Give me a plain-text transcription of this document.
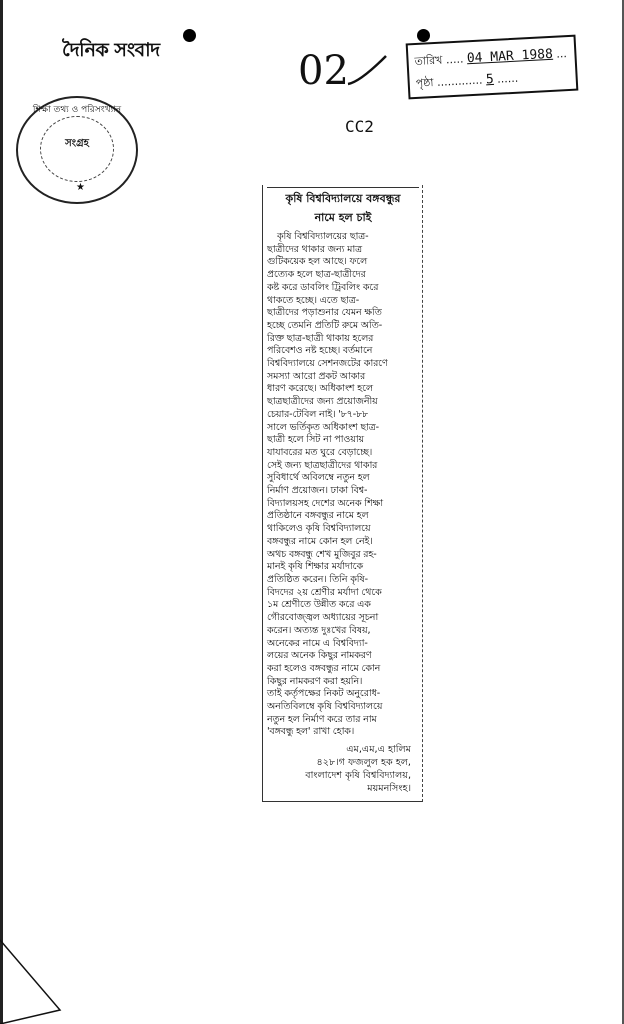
দৈনিক সংবাদ	02
CC2
তারিখ ..... 04 MAR 1988 ...
পৃষ্ঠা ............. 5 ......
শিক্ষা তথ্য ও পরিসংখ্যান
সংগ্রহ
★
কৃষি বিশ্ববিদ্যালয়ে বঙ্গবন্ধুর
নামে হল চাই
কৃষি বিশ্ববিদ্যালয়ের ছাত্র-
ছাত্রীদের থাকার জন্য মাত্র
গুটিকয়েক হল আছে। ফলে
প্রত্যেক হলে ছাত্র-ছাত্রীদের
কষ্ট করে ডাবলিং ট্রিবলিং করে
থাকতে হচ্ছে। এতে ছাত্র-
ছাত্রীদের পড়াশুনার যেমন ক্ষতি
হচ্ছে তেমনি প্রতিটি রুমে অতি-
রিক্ত ছাত্র-ছাত্রী থাকায় হলের
পরিবেশও নষ্ট হচ্ছে। বর্তমানে
বিশ্ববিদ্যালয়ে সেশনজটের কারণে
সমস্যা আরো প্রকট আকার
ধারণ করেছে। অধিকাংশ হলে
ছাত্রছাত্রীদের জন্য প্রয়োজনীয়
চেয়ার-টেবিল নাই। '৮৭-৮৮
সালে ভর্তিকৃত অধিকাংশ ছাত্র-
ছাত্রী হলে সিট না পাওয়ায়
যাযাবরের মত ঘুরে বেড়াচ্ছে।
সেই জন্য ছাত্রছাত্রীদের থাকার
সুবিধার্থে অবিলম্বে নতুন হল
নির্মাণ প্রয়োজন। ঢাকা বিশ্ব-
বিদ্যালয়সহ দেশের অনেক শিক্ষা
প্রতিষ্ঠানে বঙ্গবন্ধুর নামে হল
থাকিলেও কৃষি বিশ্ববিদ্যালয়ে
বঙ্গবন্ধুর নামে কোন হল নেই।
অথচ বঙ্গবন্ধু শেখ মুজিবুর রহ-
মানই কৃষি শিক্ষার মর্যাদাকে
প্রতিষ্ঠিত করেন। তিনি কৃষি-
বিদদের ২য় শ্রেণীর মর্যাদা থেকে
১ম শ্রেণীতে উন্নীত করে এক
গৌরবোজ্জ্বল অধ্যায়ের সূচনা
করেন। অত্যন্ত দুঃখের বিষয়,
অনেকের নামে এ বিশ্ববিদ্যা-
লয়ের অনেক কিছুর নামকরণ
করা হলেও বঙ্গবন্ধুর নামে কোন
কিছুর নামকরণ করা হয়নি।
তাই কর্তৃপক্ষের নিকট অনুরোধ-
অনতিবিলম্বে কৃষি বিশ্ববিদ্যালয়ে
নতুন হল নির্মাণ করে তার নাম
'বঙ্গবন্ধু হল' রাখা হোক।
এম,এম,এ হালিম
৪২৮।গ ফজলুল হক হল,
বাংলাদেশ কৃষি বিশ্ববিদ্যালয়,
ময়মনসিংহ।
